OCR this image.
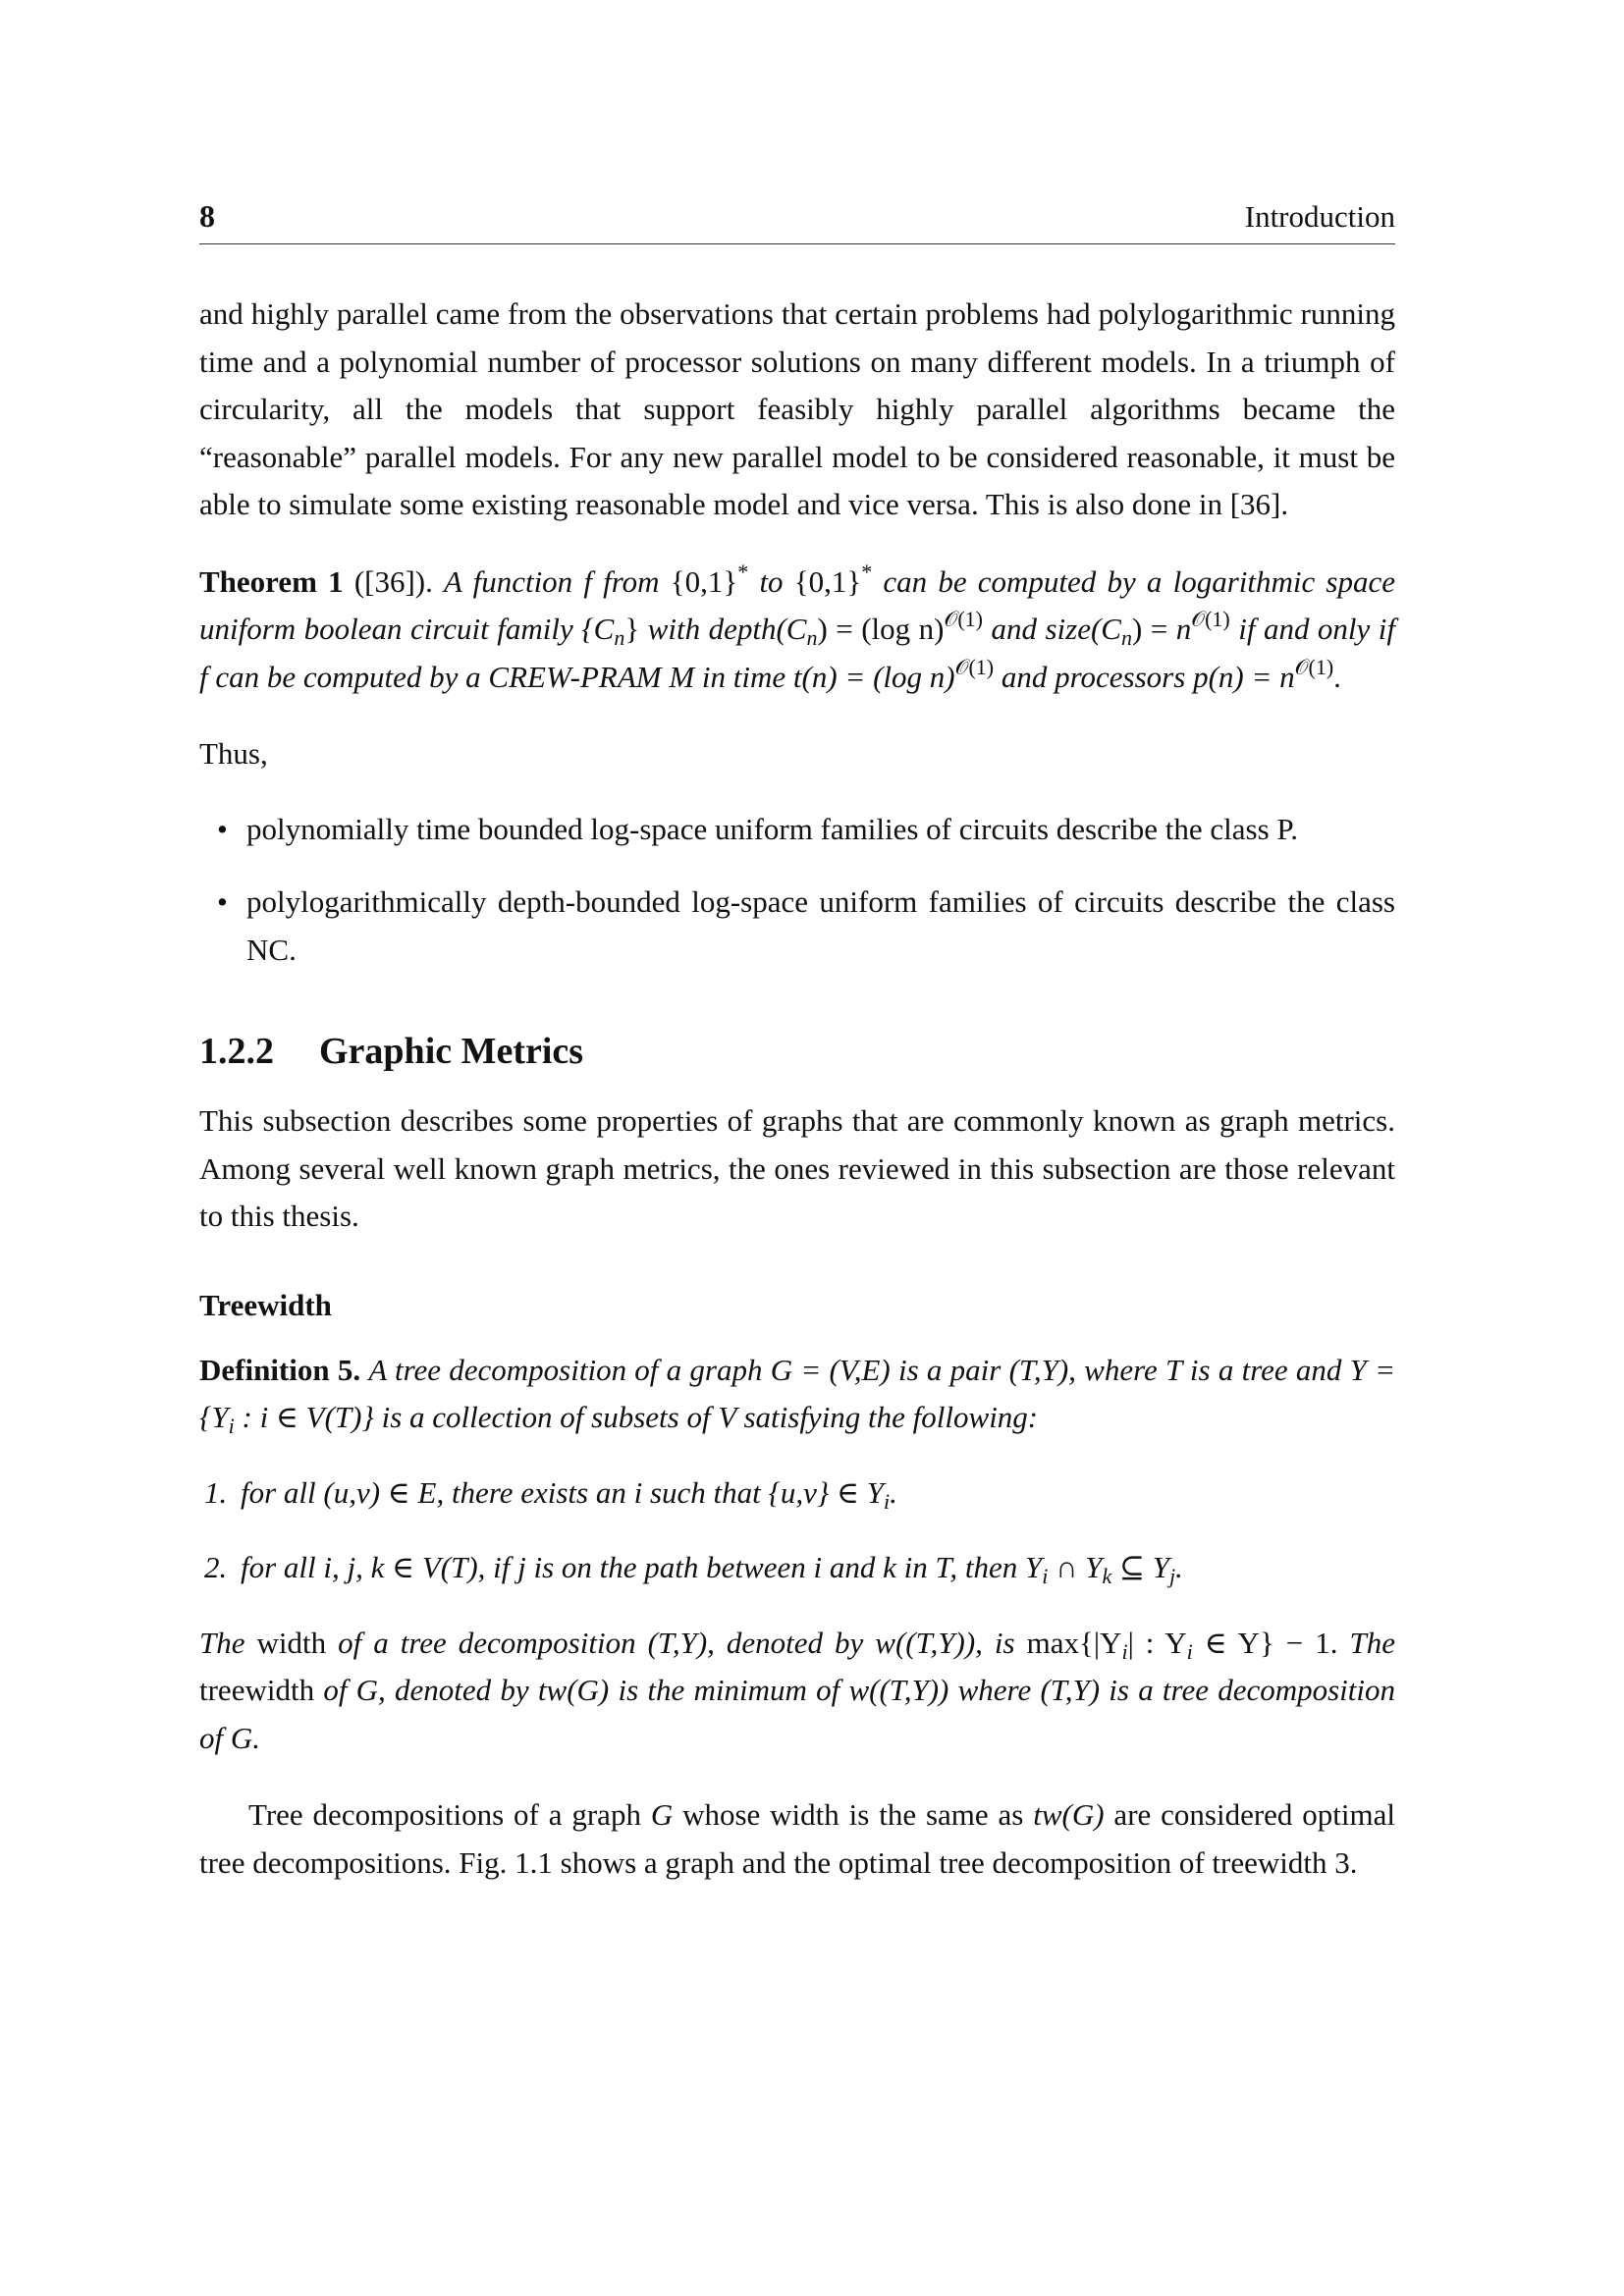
8	Introduction

and highly parallel came from the observations that certain problems had polylogarithmic running time and a polynomial number of processor solutions on many different models. In a triumph of circularity, all the models that support feasibly highly parallel algorithms became the “reasonable” parallel models. For any new parallel model to be considered reasonable, it must be able to simulate some existing reasonable model and vice versa. This is also done in [36].

Theorem 1 ([36]). A function f from {0,1}* to {0,1}* can be computed by a logarithmic space uniform boolean circuit family $\{C_n\}$ with $depth(C_n) = (\log$ n)$^{𝒪(1)}$ and $size(C_n) = n^{𝒪(1)}$ if and only if f can be computed by a CREW-PRAM M in time t(n) = (log n)$^{𝒪(1)}$ and processors $p(n) = n^{𝒪(1)}$.

Thus,

• polynomially time bounded log-space uniform families of circuits describe the class P.
• polylogarithmically depth-bounded log-space uniform families of circuits describe the class NC.
1.2.2 Graphic Metrics

This subsection describes some properties of graphs that are commonly known as graph metrics. Among several well known graph metrics, the ones reviewed in this subsection are those relevant to this thesis.

Treewidth

Definition 5. A tree decomposition of a graph G = (V,E) is a pair (T,Y), where T is a tree and $Y = \{Y_i$ : i ∈ V(T)} is a collection of subsets of V satisfying the following:

1. for all (u,v) ∈ E, there exists an i such that {u,v} ∈ $Y_i$.
2. for all i, j, k ∈ V(T), if j is on the path between i and k in T, then $Y_i$ ∩ $Y_k$ ⊆ $Y_j$.

The width of a tree decomposition (T,Y), denoted by w((T,Y)), is $\max\{|Y_i|$ : $Y_i$ ∈ Y} − 1. The treewidth of G, denoted by tw(G) is the minimum of w((T,Y)) where (T,Y) is a tree decomposition of G.

Tree decompositions of a graph G whose width is the same as tw(G) are considered optimal tree decompositions. Fig. 1.1 shows a graph and the optimal tree decomposition of treewidth 3.
